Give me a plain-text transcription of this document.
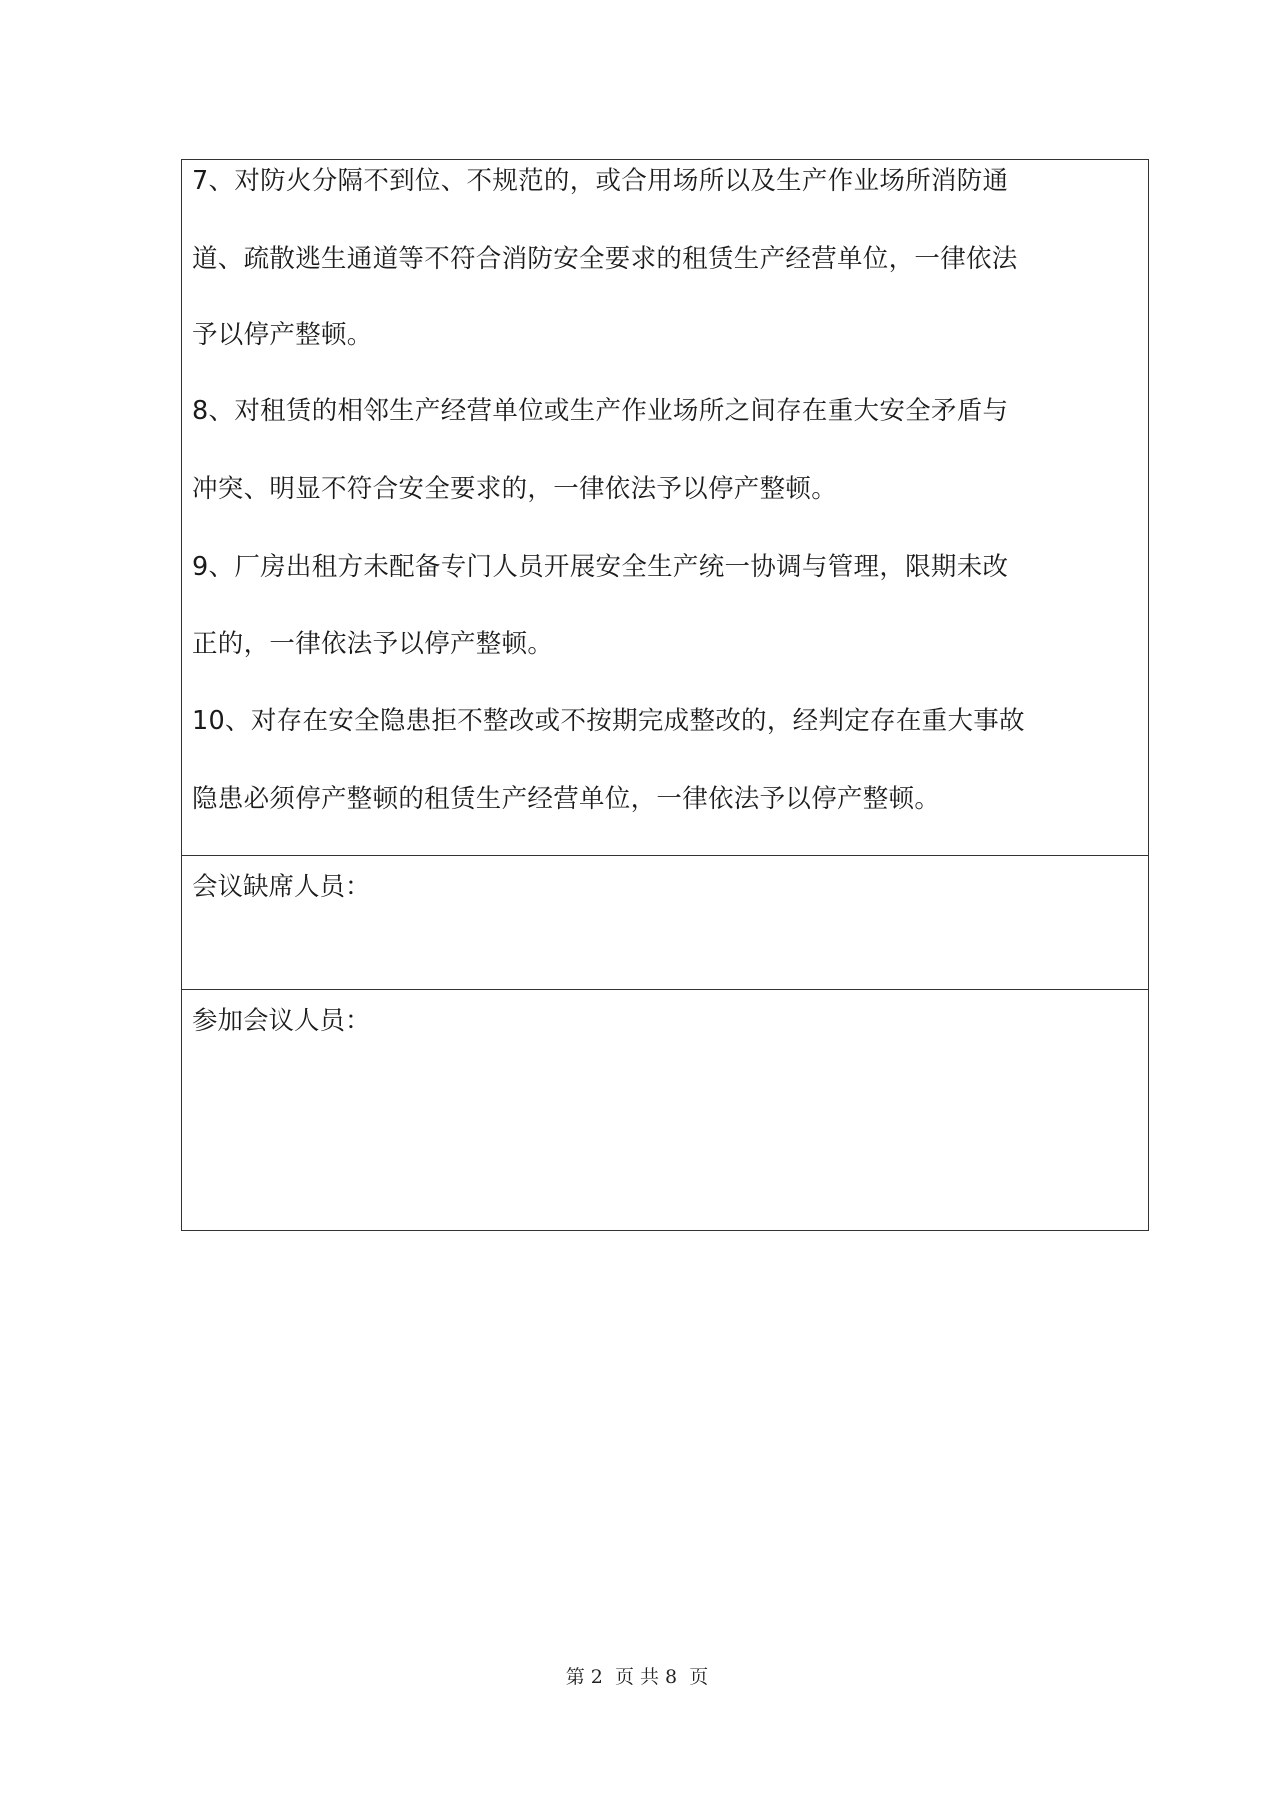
7、对防火分隔不到位、不规范的，或合用场所以及生产作业场所消防通
道、疏散逃生通道等不符合消防安全要求的租赁生产经营单位，一律依法
予以停产整顿。
8、对租赁的相邻生产经营单位或生产作业场所之间存在重大安全矛盾与
冲突、明显不符合安全要求的，一律依法予以停产整顿。
9、厂房出租方未配备专门人员开展安全生产统一协调与管理，限期未改
正的，一律依法予以停产整顿。
10、对存在安全隐患拒不整改或不按期完成整改的，经判定存在重大事故
隐患必须停产整顿的租赁生产经营单位，一律依法予以停产整顿。
会议缺席人员：
参加会议人员：
第 2  页 共 8  页
